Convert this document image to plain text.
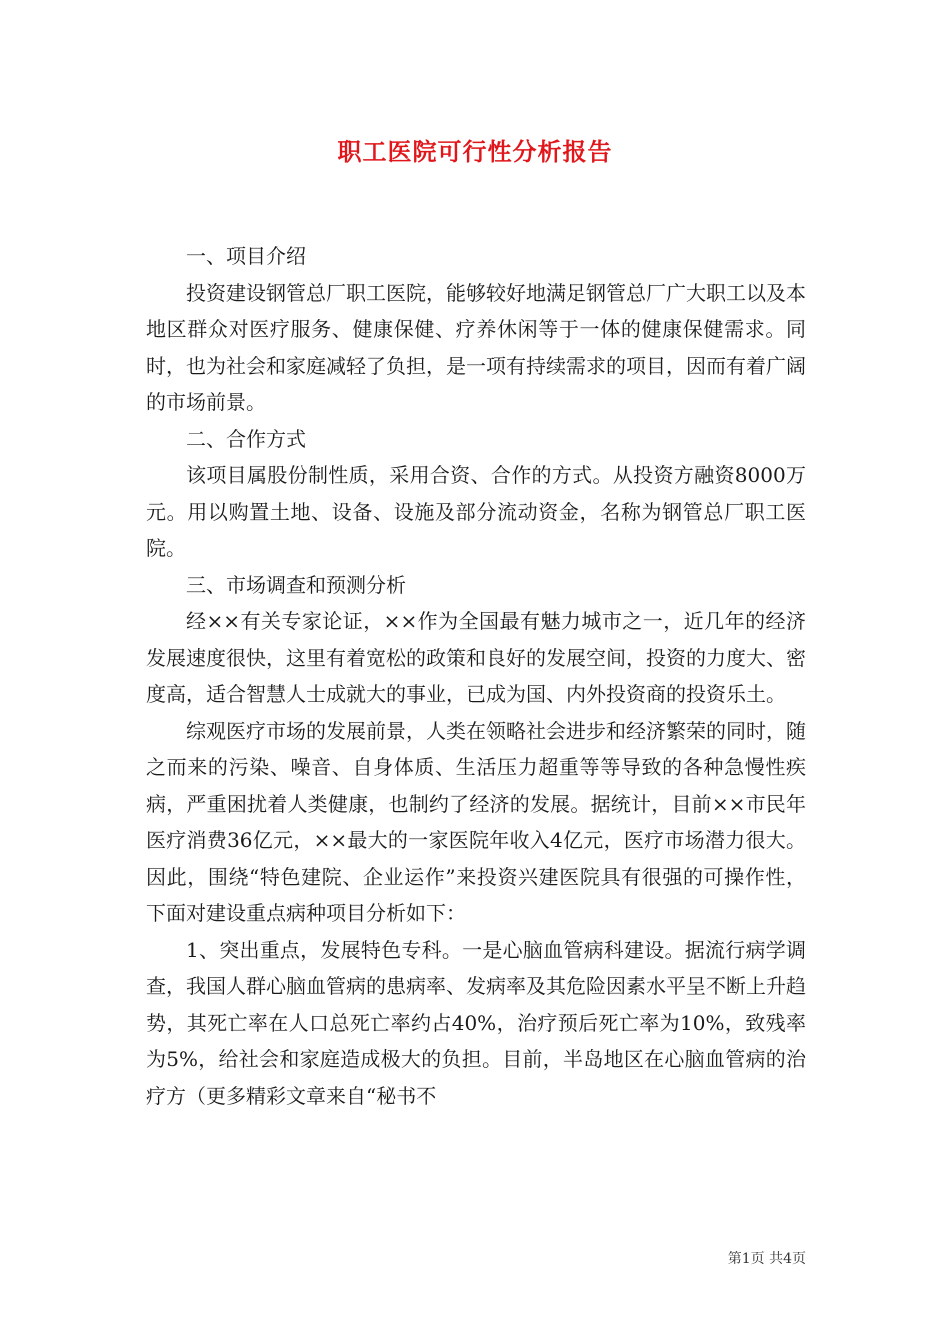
职工医院可行性分析报告

一、项目介绍

投资建设钢管总厂职工医院，能够较好地满足钢管总厂广大职工以及本地区群众对医疗服务、健康保健、疗养休闲等于一体的健康保健需求。同时，也为社会和家庭减轻了负担，是一项有持续需求的项目，因而有着广阔的市场前景。

二、合作方式

该项目属股份制性质，采用合资、合作的方式。从投资方融资8000万元。用以购置土地、设备、设施及部分流动资金，名称为钢管总厂职工医院。

三、市场调查和预测分析

经××有关专家论证，××作为全国最有魅力城市之一，近几年的经济发展速度很快，这里有着宽松的政策和良好的发展空间，投资的力度大、密度高，适合智慧人士成就大的事业，已成为国、内外投资商的投资乐土。

综观医疗市场的发展前景，人类在领略社会进步和经济繁荣的同时，随之而来的污染、噪音、自身体质、生活压力超重等等导致的各种急慢性疾病，严重困扰着人类健康，也制约了经济的发展。据统计，目前××市民年医疗消费36亿元，××最大的一家医院年收入4亿元，医疗市场潜力很大。因此，围绕“特色建院、企业运作”来投资兴建医院具有很强的可操作性，下面对建设重点病种项目分析如下：

1、突出重点，发展特色专科。一是心脑血管病科建设。据流行病学调查，我国人群心脑血管病的患病率、发病率及其危险因素水平呈不断上升趋势，其死亡率在人口总死亡率约占40%，治疗预后死亡率为10%，致残率为5%，给社会和家庭造成极大的负担。目前，半岛地区在心脑血管病的治疗方（更多精彩文章来自“秘书不

第1页 共4页
